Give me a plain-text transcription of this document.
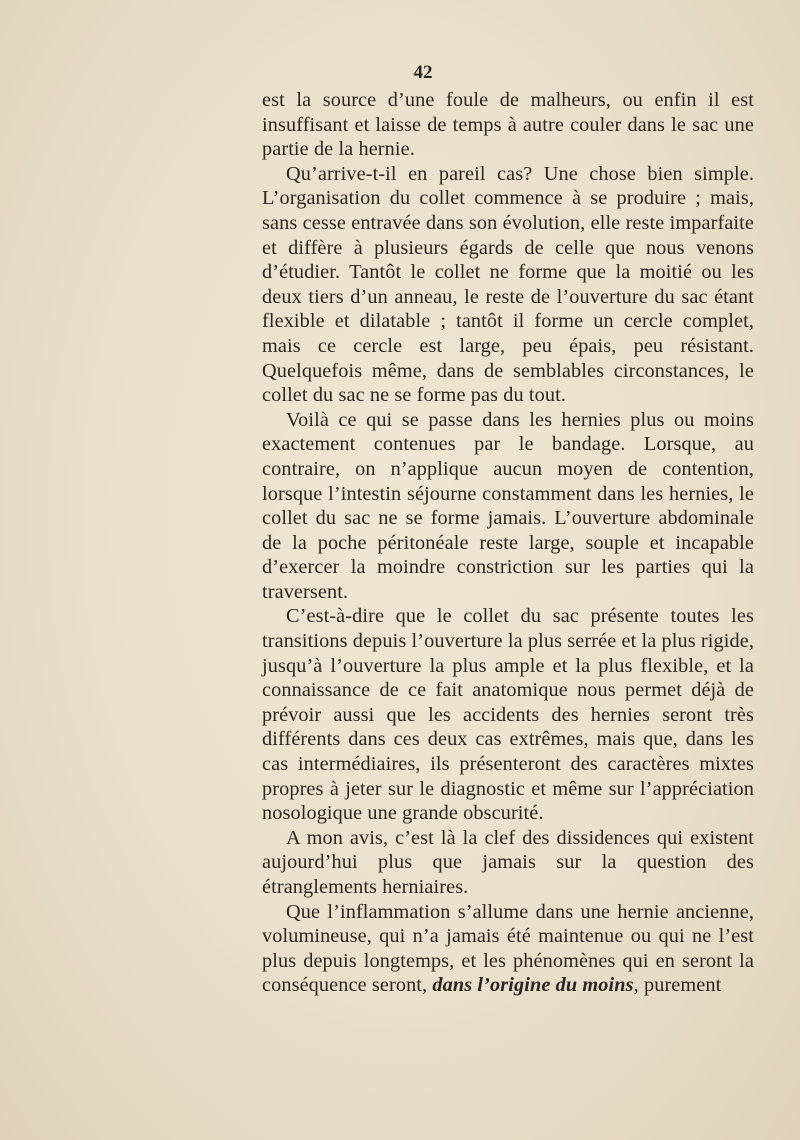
42

est la source d’une foule de malheurs, ou enfin il est insuffisant et laisse de temps à autre couler dans le sac une partie de la hernie.

Qu’arrive-t-il en pareil cas? Une chose bien simple. L’organisation du collet commence à se produire ; mais, sans cesse entravée dans son évolution, elle reste imparfaite et diffère à plusieurs égards de celle que nous venons d’étudier. Tantôt le collet ne forme que la moitié ou les deux tiers d’un anneau, le reste de l’ouverture du sac étant flexible et dilatable ; tantôt il forme un cercle complet, mais ce cercle est large, peu épais, peu résistant. Quelquefois même, dans de semblables circonstances, le collet du sac ne se forme pas du tout.

Voilà ce qui se passe dans les hernies plus ou moins exactement contenues par le bandage. Lorsque, au contraire, on n’applique aucun moyen de contention, lorsque l’intestin séjourne constamment dans les hernies, le collet du sac ne se forme jamais. L’ouverture abdominale de la poche péritonéale reste large, souple et incapable d’exercer la moindre constriction sur les parties qui la traversent.

C’est-à-dire que le collet du sac présente toutes les transitions depuis l’ouverture la plus serrée et la plus rigide, jusqu’à l’ouverture la plus ample et la plus flexible, et la connaissance de ce fait anatomique nous permet déjà de prévoir aussi que les accidents des hernies seront très différents dans ces deux cas extrêmes, mais que, dans les cas intermédiaires, ils présenteront des caractères mixtes propres à jeter sur le diagnostic et même sur l’appréciation nosologique une grande obscurité.

A mon avis, c’est là la clef des dissidences qui existent aujourd’hui plus que jamais sur la question des étranglements herniaires.

Que l’inflammation s’allume dans une hernie ancienne, volumineuse, qui n’a jamais été maintenue ou qui ne l’est plus depuis longtemps, et les phénomènes qui en seront la conséquence seront, dans l’origine du moins, purement
